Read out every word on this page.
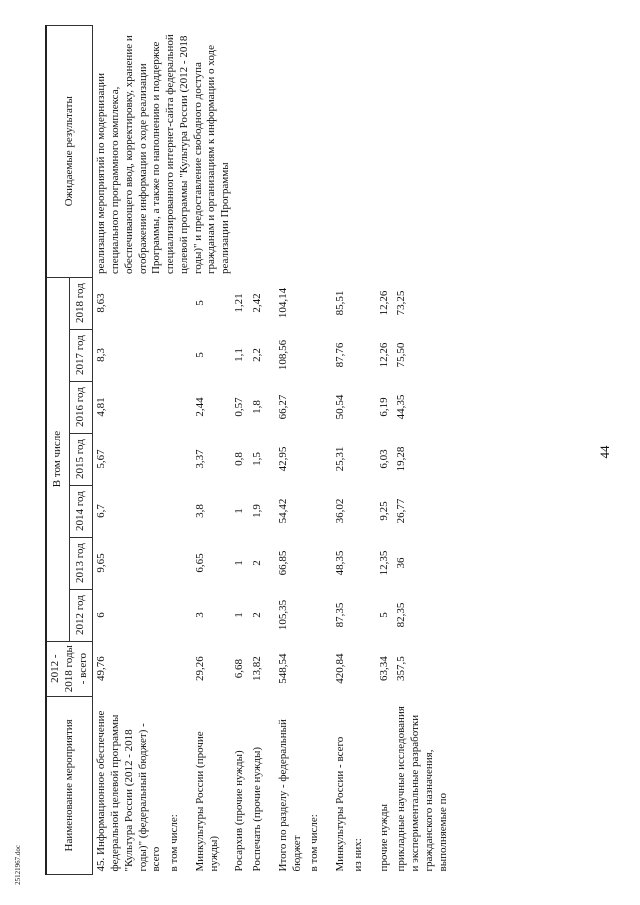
44
25121967.doc
Наименование мероприятия	2012 - 2018 годы - всего	В том числе							Ожидаемые результаты
		2012 год	2013 год	2014 год	2015 год	2016 год	2017 год	2018 год	
45. Информационное обеспечение федеральной целевой программы "Культура России (2012 - 2018 годы)" (федеральный бюджет) - всего	49,76	6	9,65	6,7	5,67	4,81	8,3	8,63	реализация мероприятий по модернизации специального программного комплекса, обеспечивающего ввод, корректировку, хранение и отображение информации о ходе реализации Программы, а также по наполнению и поддержке специализированного интернет-сайта федеральной целевой программы "Культура России (2012 - 2018 годы)" и предоставление свободного доступа гражданам и организациям к информации о ходе реализации Программы
в том числе:									
Минкультуры России (прочие нужды)	29,26	3	6,65	3,8	3,37	2,44	5	5	
Росархив (прочие нужды)	6,68	1	1	1	0,8	0,57	1,1	1,21	
Роспечать (прочие нужды)	13,82	2	2	1,9	1,5	1,8	2,2	2,42	
Итого по разделу - федеральный бюджет	548,54	105,35	66,85	54,42	42,95	66,27	108,56	104,14	
в том числе:									
Минкультуры России - всего	420,84	87,35	48,35	36,02	25,31	50,54	87,76	85,51	
из них:									
прочие нужды	63,34	5	12,35	9,25	6,03	6,19	12,26	12,26	
прикладные научные исследования и экспериментальные разработки гражданского назначения, выполняемые по	357,5	82,35	36	26,77	19,28	44,35	75,50	73,25	
